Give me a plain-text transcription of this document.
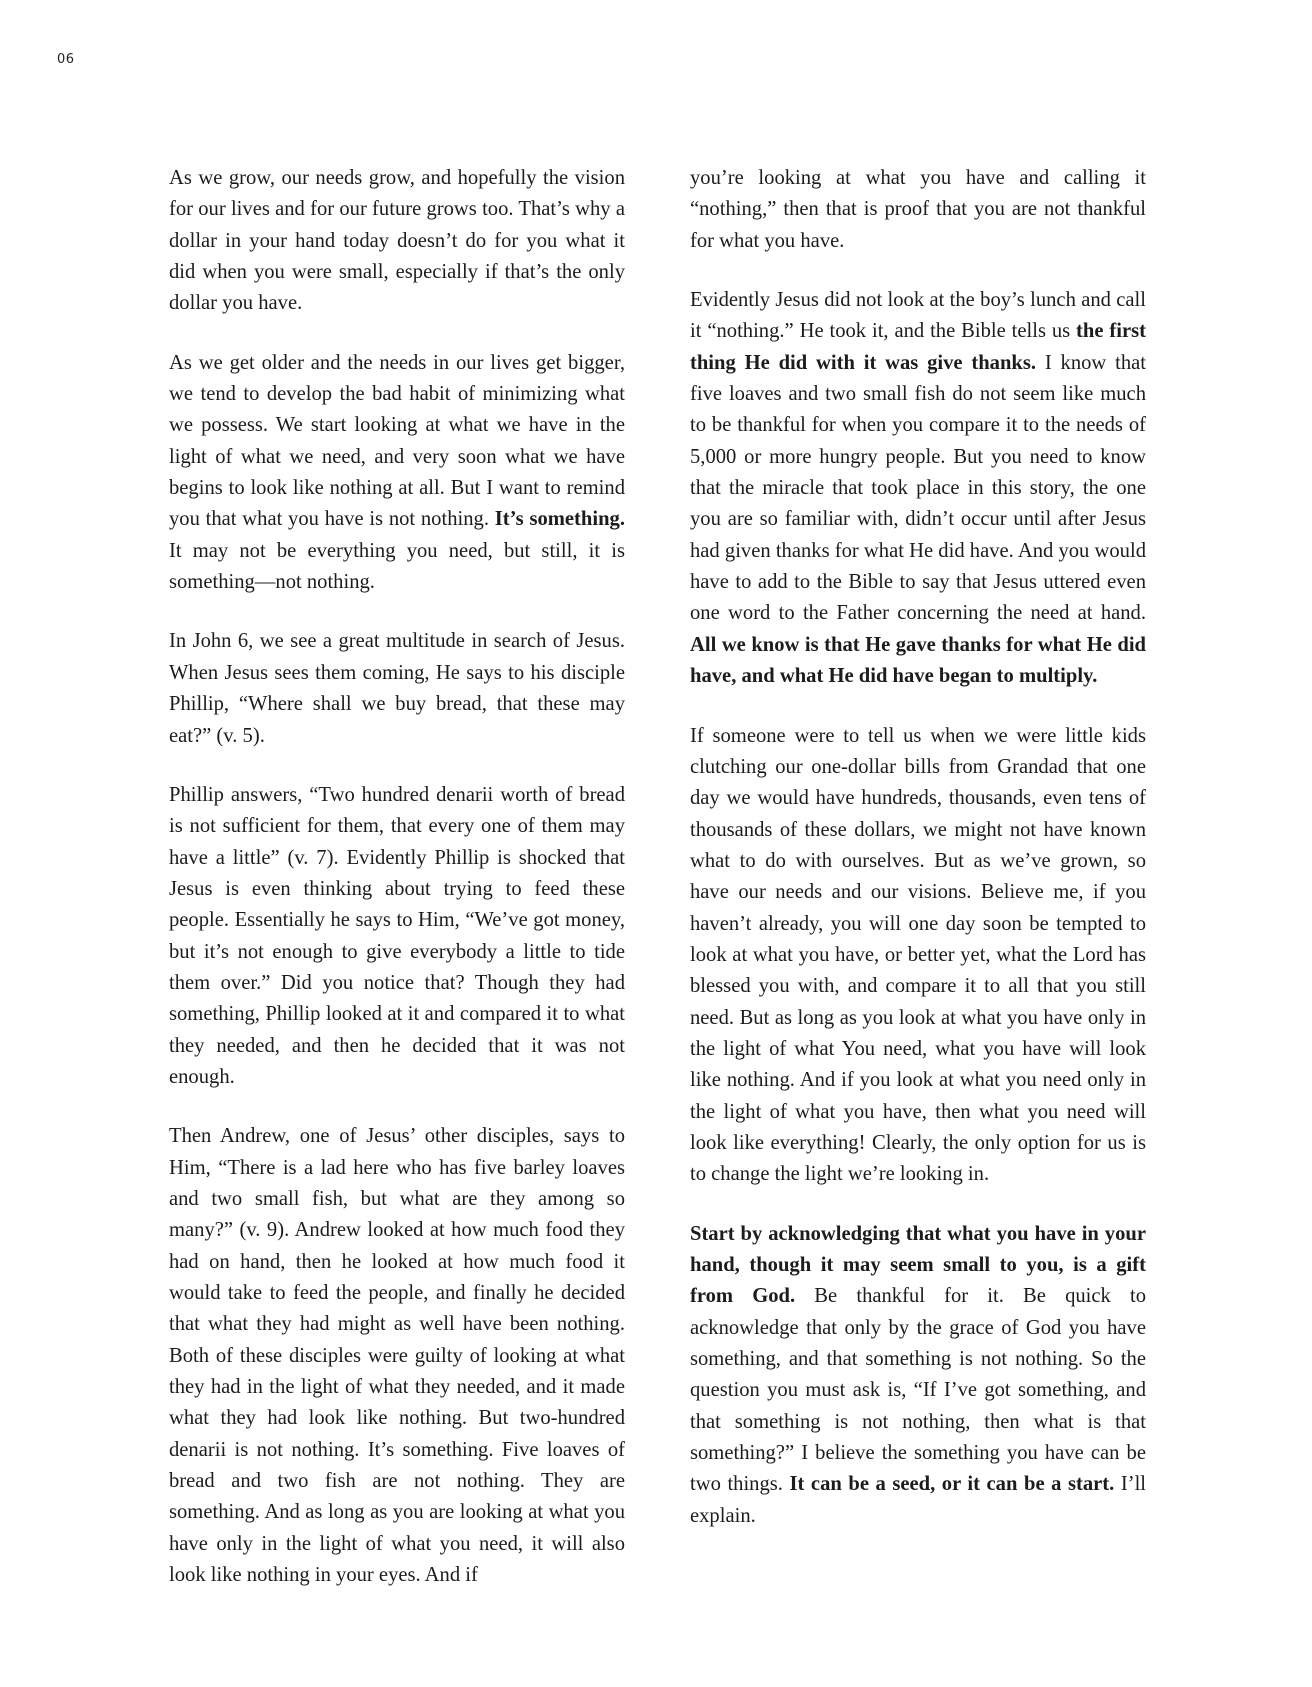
06

As we grow, our needs grow, and hopefully the vision for our lives and for our future grows too. That’s why a dollar in your hand today doesn’t do for you what it did when you were small, especially if that’s the only dollar you have.

As we get older and the needs in our lives get bigger, we tend to develop the bad habit of minimizing what we possess. We start looking at what we have in the light of what we need, and very soon what we have begins to look like nothing at all. But I want to remind you that what you have is not nothing. It’s something. It may not be everything you need, but still, it is something—not nothing.

In John 6, we see a great multitude in search of Jesus. When Jesus sees them coming, He says to his disciple Phillip, “Where shall we buy bread, that these may eat?” (v. 5).

Phillip answers, “Two hundred denarii worth of bread is not sufficient for them, that every one of them may have a little” (v. 7). Evidently Phillip is shocked that Jesus is even thinking about trying to feed these people. Essentially he says to Him, “We’ve got money, but it’s not enough to give everybody a little to tide them over.” Did you notice that? Though they had something, Phillip looked at it and compared it to what they needed, and then he decided that it was not enough.

Then Andrew, one of Jesus’ other disciples, says to Him, “There is a lad here who has five barley loaves and two small fish, but what are they among so many?” (v. 9). Andrew looked at how much food they had on hand, then he looked at how much food it would take to feed the people, and finally he decided that what they had might as well have been nothing. Both of these disciples were guilty of looking at what they had in the light of what they needed, and it made what they had look like nothing. But two-hundred denarii is not nothing. It’s something. Five loaves of bread and two fish are not nothing. They are something. And as long as you are looking at what you have only in the light of what you need, it will also look like nothing in your eyes. And if

you’re looking at what you have and calling it “nothing,” then that is proof that you are not thankful for what you have.

Evidently Jesus did not look at the boy’s lunch and call it “nothing.” He took it, and the Bible tells us the first thing He did with it was give thanks. I know that five loaves and two small fish do not seem like much to be thankful for when you compare it to the needs of 5,000 or more hungry people. But you need to know that the miracle that took place in this story, the one you are so familiar with, didn’t occur until after Jesus had given thanks for what He did have. And you would have to add to the Bible to say that Jesus uttered even one word to the Father concerning the need at hand. All we know is that He gave thanks for what He did have, and what He did have began to multiply.

If someone were to tell us when we were little kids clutching our one-dollar bills from Grandad that one day we would have hundreds, thousands, even tens of thousands of these dollars, we might not have known what to do with ourselves. But as we’ve grown, so have our needs and our visions. Believe me, if you haven’t already, you will one day soon be tempted to look at what you have, or better yet, what the Lord has blessed you with, and compare it to all that you still need. But as long as you look at what you have only in the light of what You need, what you have will look like nothing. And if you look at what you need only in the light of what you have, then what you need will look like everything! Clearly, the only option for us is to change the light we’re looking in.

Start by acknowledging that what you have in your hand, though it may seem small to you, is a gift from God. Be thankful for it. Be quick to acknowledge that only by the grace of God you have something, and that something is not nothing. So the question you must ask is, “If I’ve got something, and that something is not nothing, then what is that something?” I believe the something you have can be two things. It can be a seed, or it can be a start. I’ll explain.
